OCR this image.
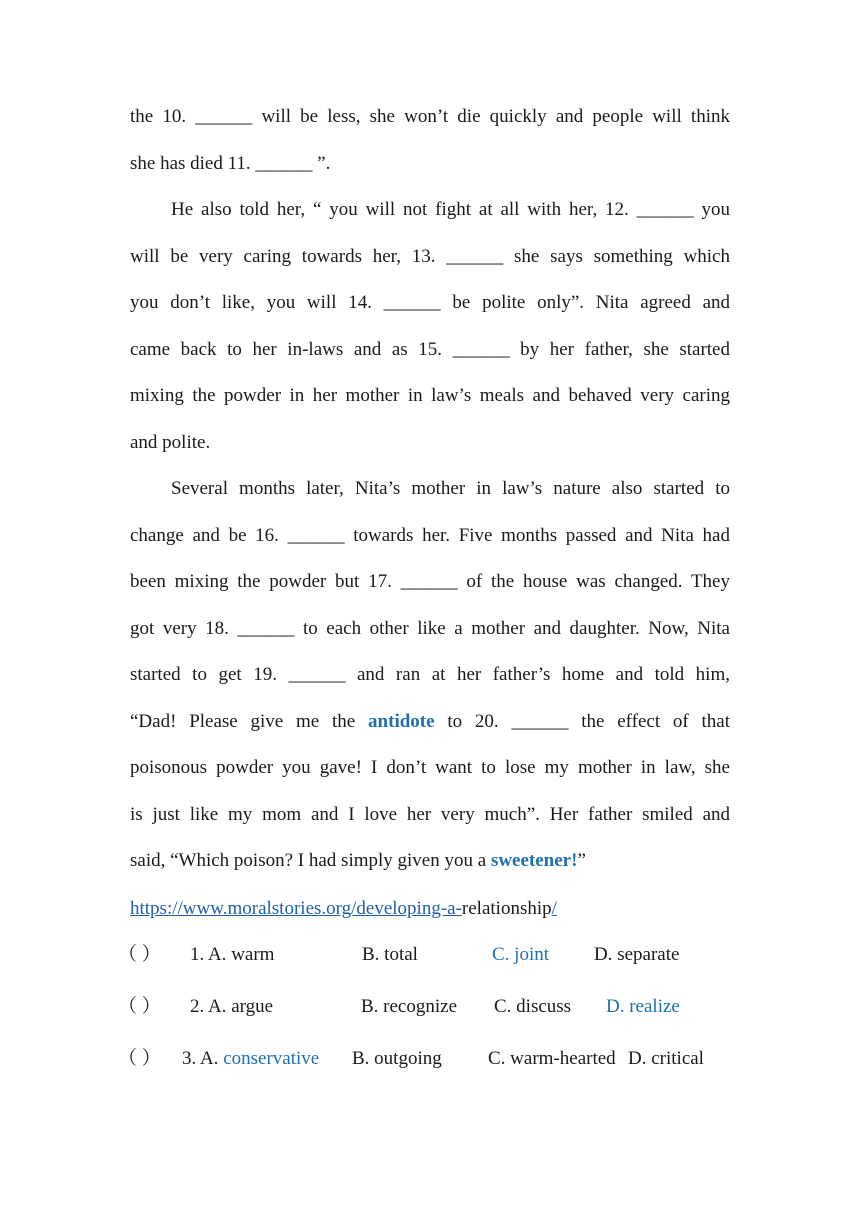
the 10. ______ will be less, she won’t die quickly and people will think
she has died 11. ______ ”.
He also told her, “ you will not fight at all with her, 12. ______ you
will be very caring towards her, 13. ______ she says something which
you don’t like, you will 14. ______ be polite only”. Nita agreed and
came back to her in-laws and as 15. ______ by her father, she started
mixing the powder in her mother in law’s meals and behaved very caring
and polite.
Several months later, Nita’s mother in law’s nature also started to
change and be 16. ______ towards her. Five months passed and Nita had
been mixing the powder but 17. ______ of the house was changed. They
got very 18. ______ to each other like a mother and daughter. Now, Nita
started to get 19. ______ and ran at her father’s home and told him,
“Dad! Please give me the antidote to 20. ______ the effect of that
poisonous powder you gave! I don’t want to lose my mother in law, she
is just like my mom and I love her very much”. Her father smiled and
said, “Which poison? I had simply given you a sweetener!”
https://www.moralstories.org/developing-a-relationship/
（ ） 1. A. warm	B. total	C. joint D. separate
（ ） 2. A. argue	B. recognize C. discuss D. realize
（ ） 3. A. conservative B. outgoing C. warm-hearted D. critical
